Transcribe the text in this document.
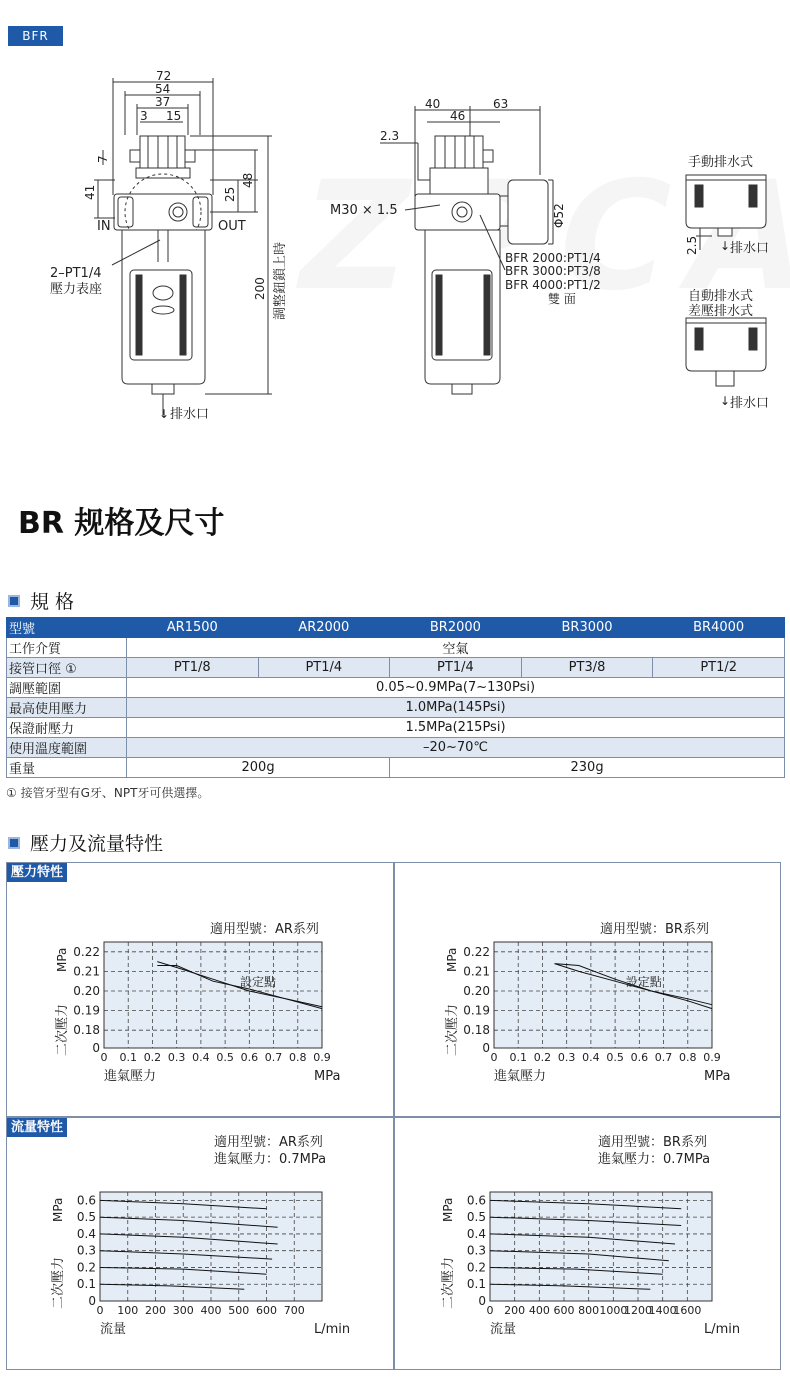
BFR
72
54
37
3 15
7
41	25
48
200 調整鈕鎖上時
IN	OUT
2–PT1/4
壓力表座
↓ 排水口
40	63
46
2.3
Φ52
M30 × 1.5
BFR 2000:PT1/4
BFR 3000:PT3/8
BFR 4000:PT1/2
雙 面
手動排水式
2.5 ↓ 排水口
自動排水式
差壓排水式
↓ 排水口
BR 规格及尺寸
規 格
型號	AR1500	AR2000	BR2000	BR3000	BR4000
工作介質	空氣				
接管口徑 ①	PT1/8	PT1/4	PT1/4	PT3/8	PT1/2
調壓範圍	0.05~0.9MPa(7~130Psi)				
最高使用壓力	1.0MPa(145Psi)				
保證耐壓力	1.5MPa(215Psi)				
使用溫度範圍	–20~70℃				
重量	200g		230g		
① 接管牙型有G牙、NPT牙可供選擇。
壓力及流量特性
壓力特性
適用型號：AR系列	適用型號：BR系列
流量特性
適用型號：AR系列
進氣壓力：0.7MPa
適用型號：BR系列
進氣壓力：0.7MPa
0 0.1 0.2 0.3 0.4 0.5 0.6 0.7 0.8 0.9
0
0.18
0.19
0.20
0.21
0.22
設定點
進氣壓力	MPa
MPa
二次壓力
0 0.1 0.2 0.3 0.4 0.5 0.6 0.7 0.8 0.9
0
0.18
0.19
0.20
0.21
0.22
設定點
進氣壓力	MPa
MPa
二次壓力
0 100 200 300 400 500 600 700
0
0.1
0.2
0.3
0.4
0.5
0.6
流量	L/min
MPa
二次壓力
0 200 400 600 800 1000
1200
1400
1600
0
0.1
0.2
0.3
0.4
0.5
0.6
流量	L/min
MPa
二次壓力
